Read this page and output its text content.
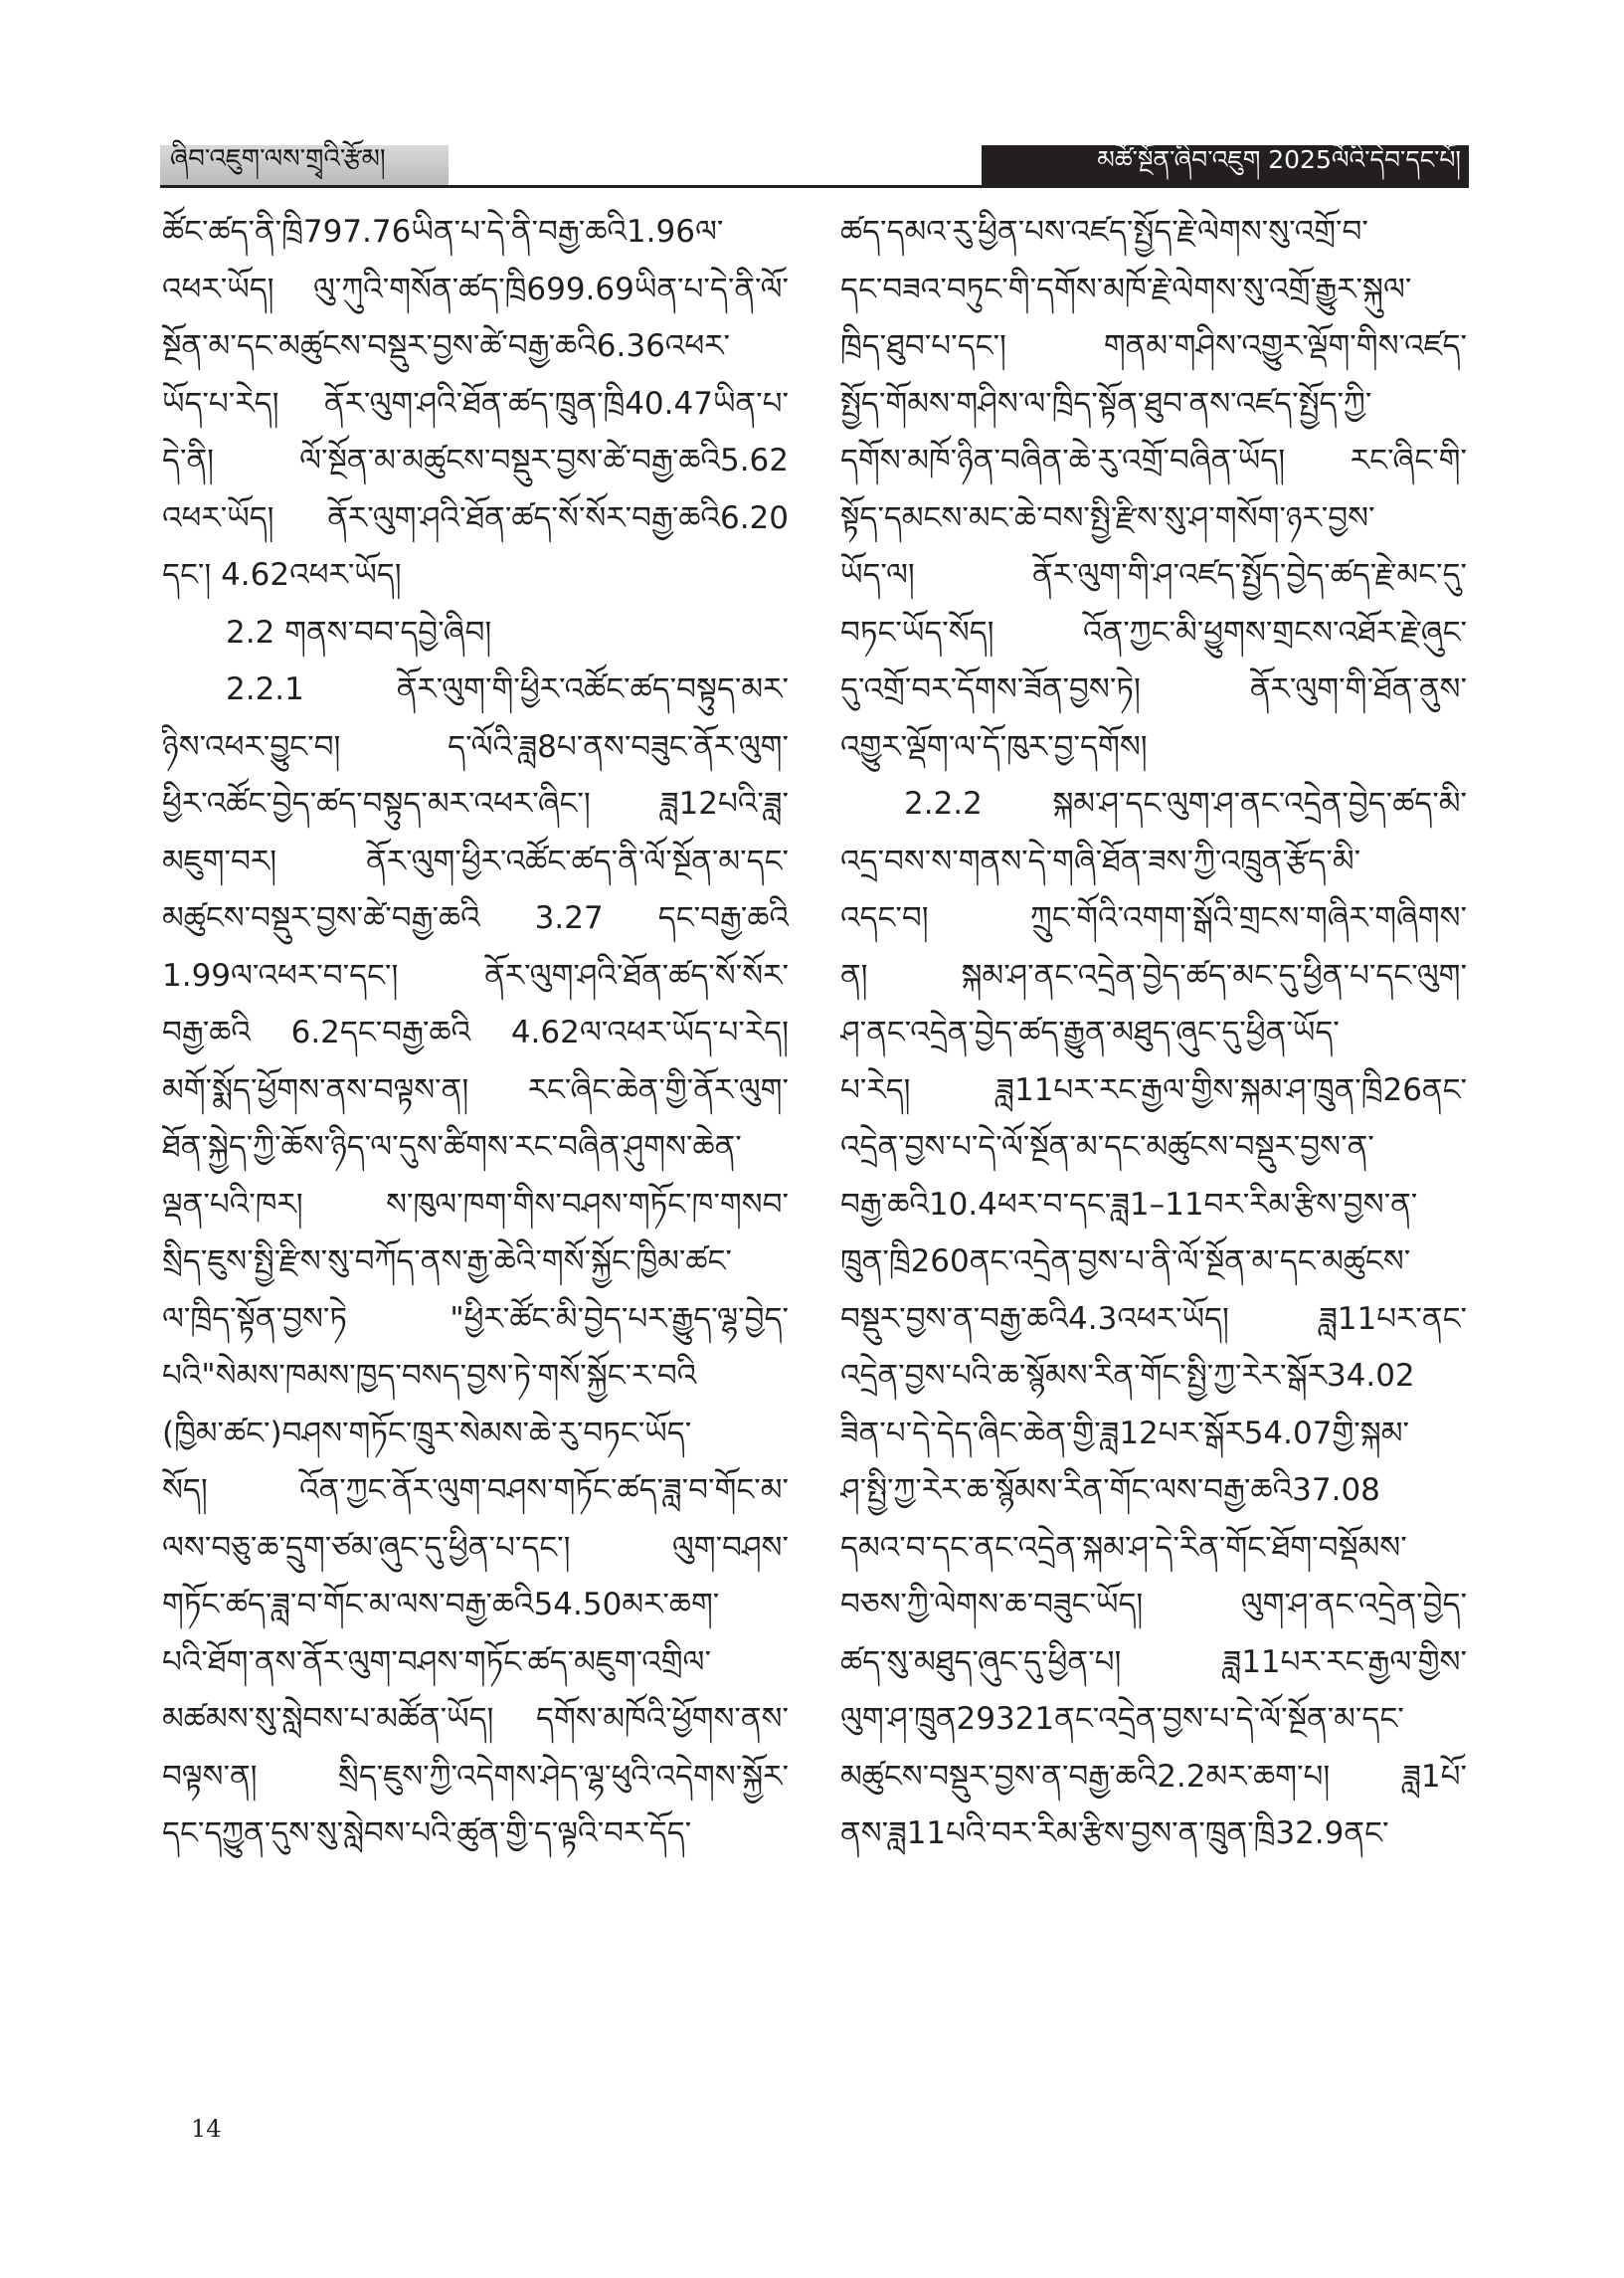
ཞིབ་འཇུག་ལས་གྲྭའི་རྩོམ།	མཚོ་སྔོན་ཞིབ་འཇུག 2025ལོའི་དེབ་དང་པོ།
ཚོང་ཚད་ནི་ཁྲི797.76ཡིན་པ་དེ་ནི་བརྒྱ་ཆའི1.96ལ་
འཕར་ཡོད། ལུ་ཀུའི་གསོན་ཚད་ཁྲི699.69ཡིན་པ་དེ་ནི་ལོ་
སྔོན་མ་དང་མཚུངས་བསྡུར་བྱས་ཚེ་བརྒྱ་ཆའི6.36འཕར་
ཡོད་པ་རེད། ནོར་ལུག་ཤའི་ཐོན་ཚད་ཁྲུན་ཁྲི40.47ཡིན་པ་
དེ་ནི། ལོ་སྔོན་མ་མཚུངས་བསྡུར་བྱས་ཚེ་བརྒྱ་ཆའི5.62
འཕར་ཡོད། ནོར་ལུག་ཤའི་ཐོན་ཚད་སོ་སོར་བརྒྱ་ཆའི6.20
དང་། 4.62འཕར་ཡོད།
2.2 གནས་བབ་དབྱེ་ཞིབ།
2.2.1 ནོར་ལུག་གི་ཕྱིར་འཚོང་ཚད་བསྟུད་མར་
ཉིས་འཕར་བྱུང་བ། ད་ལོའི་ཟླ8པ་ནས་བཟུང་ནོར་ལུག་
ཕྱིར་འཚོང་བྱེད་ཚད་བསྟུད་མར་འཕར་ཞིང་། ཟླ12པའི་ཟླ་
མཇུག་བར། ནོར་ལུག་ཕྱིར་འཚོང་ཚད་ནི་ལོ་སྔོན་མ་དང་
མཚུངས་བསྡུར་བྱས་ཚེ་བརྒྱ་ཆའི 3.27 དང་བརྒྱ་ཆའི
1.99ལ་འཕར་བ་དང་། ནོར་ལུག་ཤའི་ཐོན་ཚད་སོ་སོར་
བརྒྱ་ཆའི 6.2དང་བརྒྱ་ཆའི 4.62ལ་འཕར་ཡོད་པ་རེད།
མགོ་སྨོད་ཕྱོགས་ནས་བལྟས་ན། རང་ཞིང་ཆེན་གྱི་ནོར་ལུག་
ཐོན་སྐྱེད་ཀྱི་ཆོས་ཉིད་ལ་དུས་ཚིགས་རང་བཞིན་ཤུགས་ཆེན་
ལྡན་པའི་ཁར། ས་ཁུལ་ཁག་གིས་བཤས་གཏོང་ཁ་གསབ་
སྲིད་ཇུས་སྤྱི་རྫིས་སུ་བཀོད་ནས་རྒྱ་ཆེའི་གསོ་སྐྱོང་ཁྱིམ་ཚང་
ལ་ཁྲིད་སྟོན་བྱས་ཏེ "ཕྱིར་ཚོང་མི་བྱེད་པར་རྒྱུད་ལྷ་བྱེད་
པའི"སེམས་ཁམས་ཁྱད་བསད་བྱས་ཏེ་གསོ་སྐྱོང་ར་བའི
(ཁྱིམ་ཚང་)བཤས་གཏོང་ཁྲུར་སེམས་ཆེ་རུ་བཏང་ཡོད་
སོད། འོན་ཀྱང་ནོར་ལུག་བཤས་གཏོང་ཚད་ཟླ་བ་གོང་མ་
ལས་བཅུ་ཆ་དྲུག་ཙམ་ཞུང་དུ་ཕྱིན་པ་དང་། ལུག་བཤས་
གཏོང་ཚད་ཟླ་བ་གོང་མ་ལས་བརྒྱ་ཆའི54.50མར་ཆག་
པའི་ཐོག་ནས་ནོར་ལུག་བཤས་གཏོང་ཚད་མཇུག་འགྲིལ་
མཚམས་སུ་སླེབས་པ་མཚོན་ཡོད། དགོས་མཁོའི་ཕྱོགས་ནས་
བལྟས་ན། སྲིད་ཇུས་ཀྱི་འདེགས་ཤེད་ལྷ་ཕུའི་འདེགས་སྐྱོར་
དང་དཀྱུན་དུས་སུ་སླེབས་པའི་ཚུན་གྱི་ད་ལྟའི་བར་དོད་
ཚད་དམའ་རུ་ཕྱིན་པས་འཛད་སྤྱོད་རྗེ་ལེགས་སུ་འགྲོ་བ་
དང་བཟའ་བཏུང་གི་དགོས་མཁོ་རྗེ་ལེགས་སུ་འགྲོ་རྒྱུར་སྐུལ་
ཁྲིད་ཐུབ་པ་དང་། གནམ་གཤིས་འགྱུར་ལྡོག་གིས་འཛད་
སྤྱོད་གོམས་གཤིས་ལ་ཁྲིད་སྟོན་ཐུབ་ནས་འཛད་སྤྱོད་ཀྱི་
དགོས་མཁོ་ཉིན་བཞིན་ཆེ་རུ་འགྲོ་བཞིན་ཡོད། རང་ཞིང་གི་
སྟོད་དམངས་མང་ཆེ་བས་སྤྱི་རྫིས་སུ་ཤ་གསོག་ཉར་བྱས་
ཡོད་ལ། ནོར་ལུག་གི་ཤ་འཛད་སྤྱོད་བྱེད་ཚད་རྗེ་མང་དུ་
བཏང་ཡོད་སོད། འོན་ཀྱང་མི་ཕྱུགས་གྲངས་འཐོར་རྗེ་ཞུང་
དུ་འགྲོ་བར་དོགས་ཟོན་བྱས་ཏེ། ནོར་ལུག་གི་ཐོན་ནུས་
འགྱུར་ལྡོག་ལ་དོ་ཁུར་བྱ་དགོས།
2.2.2 སྐམ་ཤ་དང་ལུག་ཤ་ནང་འདྲེན་བྱེད་ཚད་མི་
འདྲ་བས་ས་གནས་དེ་གཞི་ཐོན་ཟས་ཀྱི་འཁྲུན་རྩོད་མི་
འདང་བ། ཀྲུང་གོའི་འགག་སྒོའི་གྲངས་གཞིར་གཞིགས་
ན། སྐམ་ཤ་ནང་འདྲེན་བྱེད་ཚད་མང་དུ་ཕྱིན་པ་དང་ལུག་
ཤ་ནང་འདྲེན་བྱེད་ཚད་རྒྱུན་མཐུད་ཞུང་དུ་ཕྱིན་ཡོད་
པ་རེད། ཟླ11པར་རང་རྒྱལ་གྱིས་སྐམ་ཤ་ཁྲུན་ཁྲི26ནང་
འདྲེན་བྱས་པ་དེ་ལོ་སྔོན་མ་དང་མཚུངས་བསྡུར་བྱས་ན་
བརྒྱ་ཆའི10.4ཕར་བ་དང་ཟླ1–11བར་རིམ་རྩིས་བྱས་ན་
ཁྲུན་ཁྲི260ནང་འདྲེན་བྱས་པ་ནི་ལོ་སྔོན་མ་དང་མཚུངས་
བསྡུར་བྱས་ན་བརྒྱ་ཆའི4.3འཕར་ཡོད། ཟླ11པར་ནང་
འདྲེན་བྱས་པའི་ཆ་སྙོམས་རིན་གོང་སྤྱི་ཀྱ་རེར་སྒོར34.02
ཟིན་པ་དེ་དེད་ཞིང་ཆེན་གྱི་ཟླ12པར་སྒོར54.07གྱི་སྐམ་
ཤ་སྤྱི་ཀྱ་རེར་ཆ་སྙོམས་རིན་གོང་ལས་བརྒྱ་ཆའི37.08
དམའ་བ་དང་ནང་འདྲེན་སྐམ་ཤ་དེ་རིན་གོང་ཐོག་བསྡོམས་
བཅས་ཀྱི་ལེགས་ཆ་བཟུང་ཡོད། ལུག་ཤ་ནང་འདྲེན་བྱེད་
ཚད་སུ་མཐུད་ཞུང་དུ་ཕྱིན་པ། ཟླ11པར་རང་རྒྱལ་གྱིས་
ལུག་ཤ་ཁྲུན29321ནང་འདྲེན་བྱས་པ་དེ་ལོ་སྔོན་མ་དང་
མཚུངས་བསྡུར་བྱས་ན་བརྒྱ་ཆའི2.2མར་ཆག་པ། ཟླ1པོ་
ནས་ཟླ11པའི་བར་རིམ་རྩིས་བྱས་ན་ཁྲུན་ཁྲི32.9ནང་
14
